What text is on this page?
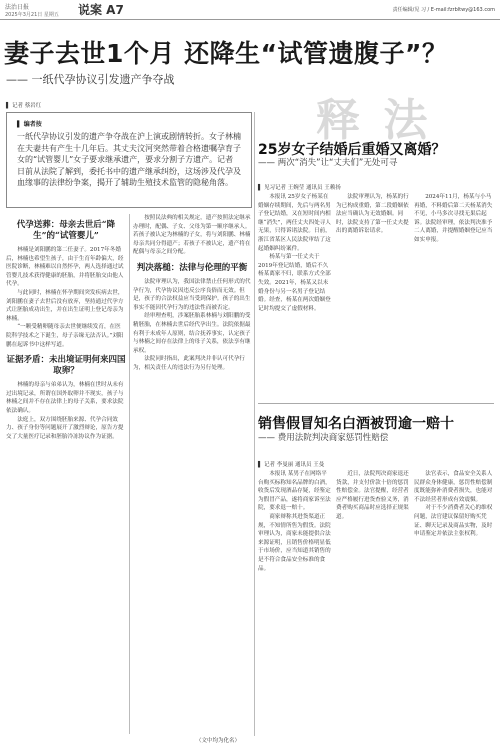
法治日报
2025年3月21日 星期五 说案 A7	责任编辑/见 习 / E-mail:fzrbltwy@163.com
妻子去世1个月 还降生“试管遗腹子”？
—— 一纸代孕协议引发遗产争夺战
释 法
▌ 记者 蔡岩红
▌ 编者按

一纸代孕协议引发的遗产争夺战在沪上演或剧情转折。女子林楠在夫妻共有产生十几年后。其丈夫汶河突然带着合格遗嘱孕育子女的“试管婴儿”女子要求继承遗产，要求分割子方遗产。记者日前从法院了解到，委托书中的遗产继承纠纷，这场涉及代孕及血缘事的法律纷争案，揭开了辅助生殖技术监管的隐秘角落。

代孕送葬：母亲去世后“降生”的“试管婴儿”

林楠是刘阳鹏的第二任妻子。2017年冬婚后，林楠也希望生孩子，由于生育年龄偏大，经医院诊断，林楠难以自然怀孕，两人选择通过试管婴儿技术获得健康的胚胎，并将胚胎交由他人代孕。

与此同时，林楠在怀孕期间突发疾病去世，刘阳鹏在妻子去世后没有放弃，坚持通过代孕方式让胚胎成功出生，并在出生证明上登记母亲为林楠。

“一颗受精卵随母亲去世便继续发育，在医院科学技术之下诞生，母子亲缘无法否认。”刘阳鹏在起诉书中这样写道。

证据矛盾：未出境证明何来四国取卵？

林楠的母亲与弟弟认为，林楠在世时从未有过出境记录，所谓在国外取卵并不现实，孩子与林楠之间并不存在法律上的母子关系，要求法院依法确认。

法庭上，双方围绕胚胎来源、代孕合同效力、孩子身份等问题展开了激烈辩论，原告方提交了大量医疗记录和胚胎冷冻协议作为证据。

按照民法典的相关规定，遗产按照法定继承办理时，配偶、子女、父母为第一顺序继承人。若孩子被认定为林楠的子女，将与刘阳鹏、林楠母亲共同分得遗产；若孩子不被认定，遗产将在配偶与母亲之间分配。

判决落槌：法律与伦理的平衡

法院审理认为，我国法律禁止任何形式的代孕行为，代孕协议因违反公序良俗而无效。但是，孩子的合法权益应当受到保护。孩子的出生事实不能因代孕行为的违法性而被否定。

经审理查明，涉案胚胎系林楠与刘阳鹏的受精胚胎，在林楠去世后经代孕出生。法院依据最有利于未成年人原则，结合抚养事实，认定孩子与林楠之间存在法律上的母子关系，依法享有继承权。

法院同时指出，此案判决并非认可代孕行为，相关责任人的违法行为另行处理。

（文中均为化名）
25岁女子结婚后重婚又离婚？
—— 两次“消失”让“丈夫们”无处可寻
▌ 见习记者 王婉莹 通讯员 王赖扬

本报讯 25岁女子杨某在婚姻存续期间，先后与两名男子登记结婚，又在短时间内相继“消失”，两任丈夫四处寻人无果，只得诉诸法院。日前，浙江省某区人民法院审结了这起婚姻纠纷案件。

杨某与第一任丈夫于2019年登记结婚，婚后不久杨某离家不归，联系方式全部失效。2021年，杨某又以未婚身份与另一名男子登记结婚。经查，杨某在两次婚姻登记时均提交了虚假材料。

法院审理认为，杨某的行为已构成重婚，第二段婚姻依法应当确认为无效婚姻。同时，法院支持了第一任丈夫提出的离婚诉讼请求。

2024年11月，杨某与小马再婚，不料婚后第二天杨某消失不见，小马多次寻找无果后起诉。法院经审理，依法判决准予二人离婚，并提醒婚姻登记应当如实申报。

销售假冒知名白酒被罚逾一赔十
—— 费用法院判决商家惩罚性赔偿
▌ 记者 李曼丽 通讯员 王曼

本报讯 某男子在网络平台购买标称知名品牌的白酒，收货后发现酒品存疑，经鉴定为假冒产品，遂将商家诉至法院，要求退一赔十。

商家辩称其进货渠道正规，不知情所售为假货。法院审理认为，商家未能提供合法来源证明，且销售价格明显低于市场价，应当知道其销售的是不符合食品安全标准的食品。

近日，法院判决商家退还货款，并支付价款十倍的惩罚性赔偿金。法官提醒，经营者应严格履行进货查验义务，消费者购买商品时应选择正规渠道。

法官表示，食品安全关系人民群众身体健康，惩罚性赔偿制度既能弥补消费者损失，也能对不法经营者形成有效震慑。

对于不少消费者关心的维权问题，法官建议保留好购买凭证、聊天记录及商品实物，及时申请鉴定并依法主张权利。
